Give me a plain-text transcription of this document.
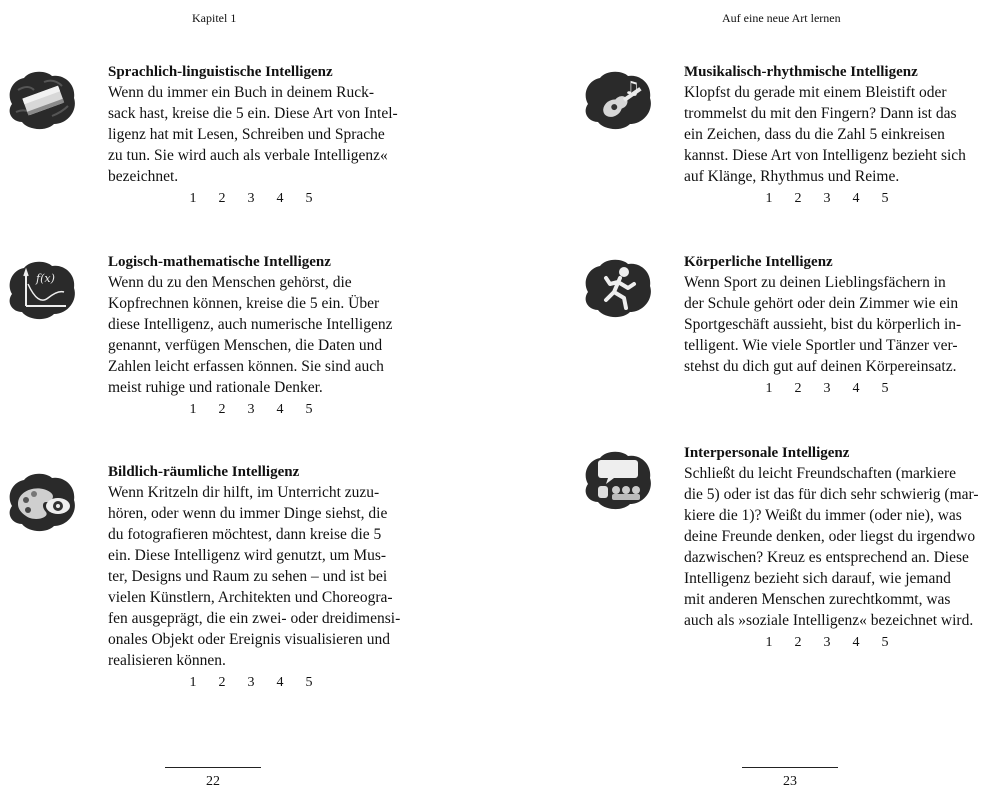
Kapitel 1
Sprachlich-linguistische Intelligenz
Wenn du immer ein Buch in deinem Ruck-
sack hast, kreise die 5 ein. Diese Art von Intel-
ligenz hat mit Lesen, Schreiben und Sprache
zu tun. Sie wird auch als verbale Intelligenz«
bezeichnet.
1 2 3 4 5
f(x)
Logisch-mathematische Intelligenz
Wenn du zu den Menschen gehörst, die
Kopfrechnen können, kreise die 5 ein. Über
diese Intelligenz, auch numerische Intelligenz
genannt, verfügen Menschen, die Daten und
Zahlen leicht erfassen können. Sie sind auch
meist ruhige und rationale Denker.
1 2 3 4 5
Bildlich-räumliche Intelligenz
Wenn Kritzeln dir hilft, im Unterricht zuzu-
hören, oder wenn du immer Dinge siehst, die
du fotografieren möchtest, dann kreise die 5
ein. Diese Intelligenz wird genutzt, um Mus-
ter, Designs und Raum zu sehen – und ist bei
vielen Künstlern, Architekten und Choreogra-
fen ausgeprägt, die ein zwei- oder dreidimensi-
onales Objekt oder Ereignis visualisieren und
realisieren können.
1 2 3 4 5
22
Auf eine neue Art lernen
♫
Musikalisch-rhythmische Intelligenz
Klopfst du gerade mit einem Bleistift oder
trommelst du mit den Fingern? Dann ist das
ein Zeichen, dass du die Zahl 5 einkreisen
kannst. Diese Art von Intelligenz bezieht sich
auf Klänge, Rhythmus und Reime.
1 2 3 4 5
Körperliche Intelligenz
Wenn Sport zu deinen Lieblingsfächern in
der Schule gehört oder dein Zimmer wie ein
Sportgeschäft aussieht, bist du körperlich in-
telligent. Wie viele Sportler und Tänzer ver-
stehst du dich gut auf deinen Körpereinsatz.
1 2 3 4 5
Interpersonale Intelligenz
Schließt du leicht Freundschaften (markiere
die 5) oder ist das für dich sehr schwierig (mar-
kiere die 1)? Weißt du immer (oder nie), was
deine Freunde denken, oder liegst du irgendwo
dazwischen? Kreuz es entsprechend an. Diese
Intelligenz bezieht sich darauf, wie jemand
mit anderen Menschen zurechtkommt, was
auch als »soziale Intelligenz« bezeichnet wird.
1 2 3 4 5
23
